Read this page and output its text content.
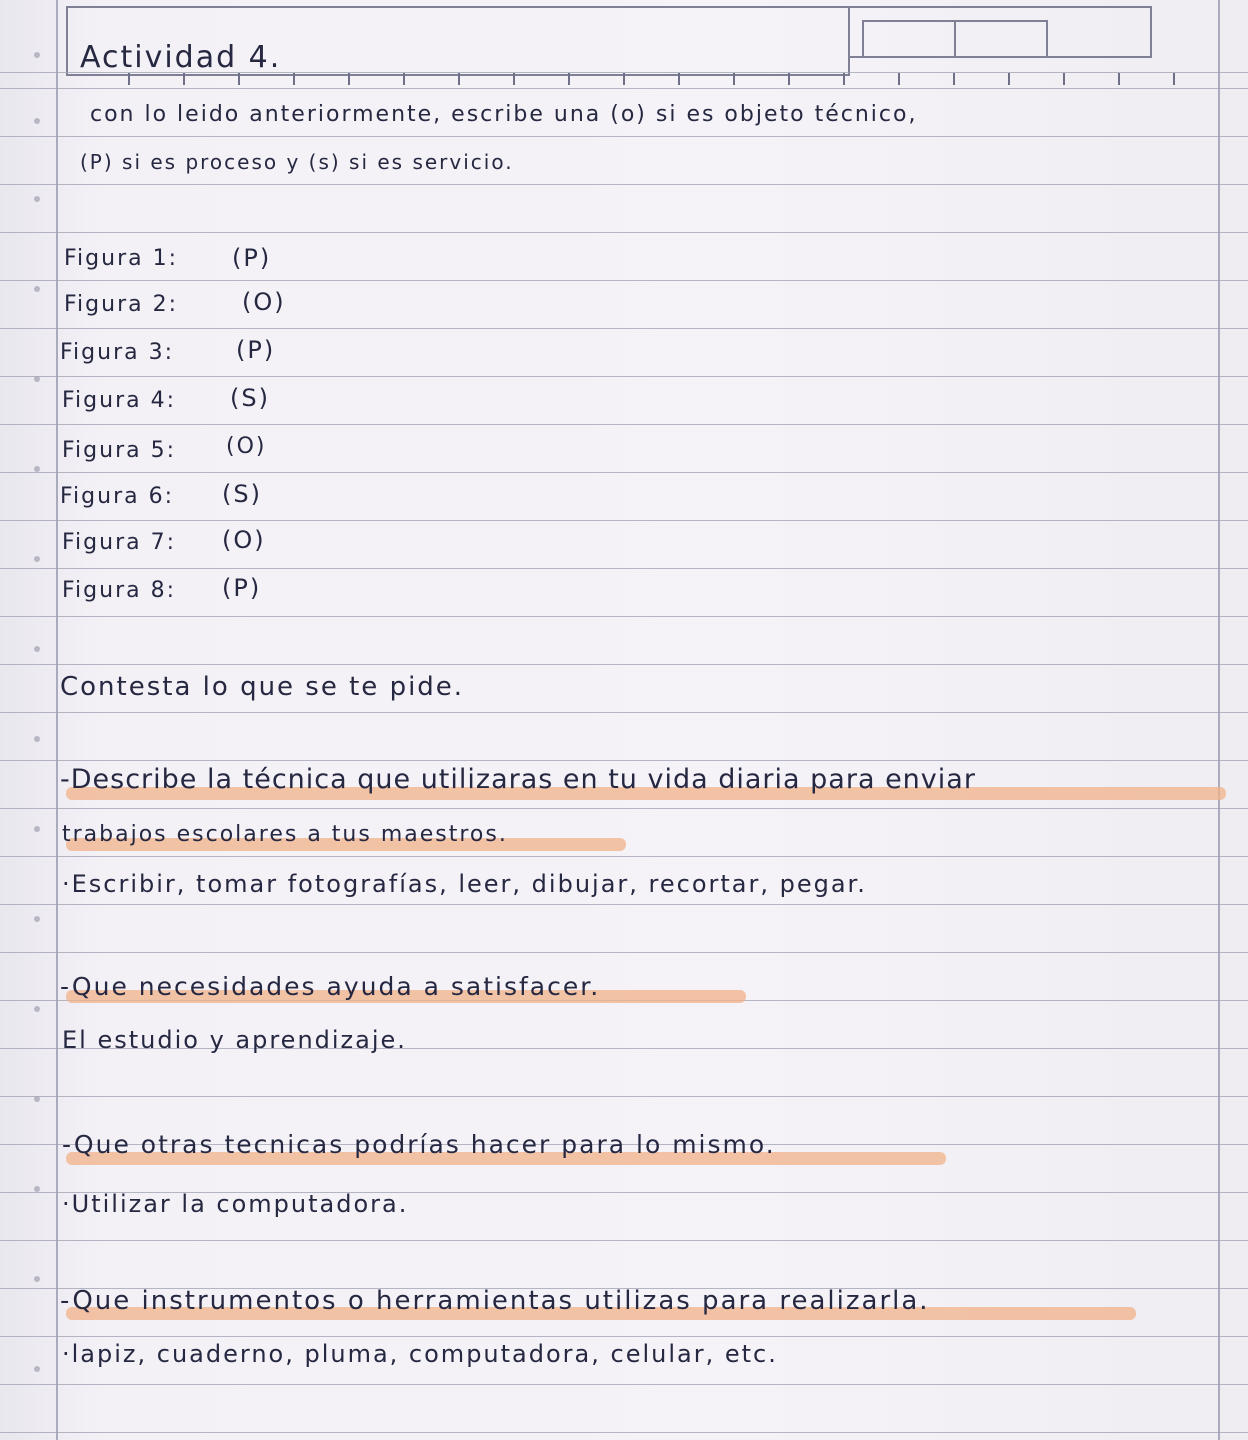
Actividad 4.
con lo leido anteriormente, escribe una (o) si es objeto técnico,
(P) si es proceso y (s) si es servicio.
Figura 1: (P)
Figura 2:	(O)
Figura 3:	(P)
Figura 4: (S)
Figura 5: (O)
Figura 6: (S)
Figura 7: (O)
Figura 8: (P)
Contesta lo que se te pide.
-Describe la técnica que utilizaras en tu vida diaria para enviar
trabajos escolares a tus maestros.
·Escribir, tomar fotografías, leer, dibujar, recortar, pegar.
-Que necesidades ayuda a satisfacer.
El estudio y aprendizaje.
-Que otras tecnicas podrías hacer para lo mismo.
·Utilizar la computadora.
-Que instrumentos o herramientas utilizas para realizarla.
·lapiz, cuaderno, pluma, computadora, celular, etc.
